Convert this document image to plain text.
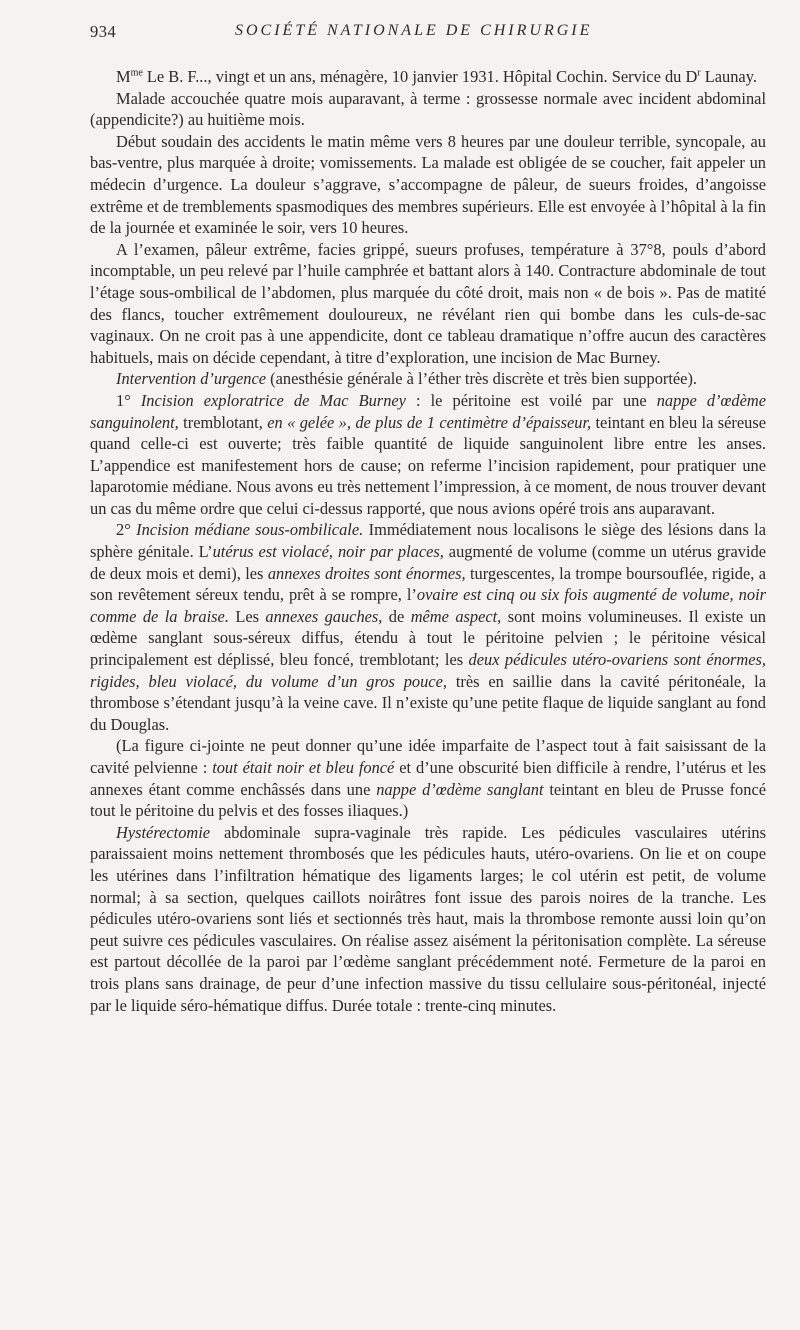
934	SOCIÉTÉ NATIONALE DE CHIRURGIE

$M^{me}$ Le B. F..., vingt et un ans, ménagère, 10 janvier 1931. Hôpital Cochin. Service du $D^r$ Launay.

Malade accouchée quatre mois auparavant, à terme : grossesse normale avec incident abdominal (appendicite?) au huitième mois.

Début soudain des accidents le matin même vers 8 heures par une douleur terrible, syncopale, au bas-ventre, plus marquée à droite; vomissements. La malade est obligée de se coucher, fait appeler un médecin d’urgence. La douleur s’aggrave, s’accompagne de pâleur, de sueurs froides, d’angoisse extrême et de tremblements spasmodiques des membres supérieurs. Elle est envoyée à l’hôpital à la fin de la journée et examinée le soir, vers 10 heures.

A l’examen, pâleur extrême, facies grippé, sueurs profuses, température à 37°8, pouls d’abord incomptable, un peu relevé par l’huile camphrée et battant alors à 140. Contracture abdominale de tout l’étage sous-ombilical de l’abdomen, plus marquée du côté droit, mais non « de bois ». Pas de matité des flancs, toucher extrêmement douloureux, ne révélant rien qui bombe dans les culs-de-sac vaginaux. On ne croit pas à une appendicite, dont ce tableau dramatique n’offre aucun des caractères habituels, mais on décide cependant, à titre d’exploration, une incision de Mac Burney.

Intervention d’urgence (anesthésie générale à l’éther très discrète et très bien supportée).

1° Incision exploratrice de Mac Burney : le péritoine est voilé par une nappe d’œdème sanguinolent, tremblotant, en « gelée », de plus de 1 centimètre d’épaisseur, teintant en bleu la séreuse quand celle-ci est ouverte; très faible quantité de liquide sanguinolent libre entre les anses. L’appendice est manifestement hors de cause; on referme l’incision rapidement, pour pratiquer une laparotomie médiane. Nous avons eu très nettement l’impression, à ce moment, de nous trouver devant un cas du même ordre que celui ci-dessus rapporté, que nous avions opéré trois ans auparavant.

2° Incision médiane sous-ombilicale. Immédiatement nous localisons le siège des lésions dans la sphère génitale. L’utérus est violacé, noir par places, augmenté de volume (comme un utérus gravide de deux mois et demi), les annexes droites sont énormes, turgescentes, la trompe boursouflée, rigide, a son revêtement séreux tendu, prêt à se rompre, l’ovaire est cinq ou six fois augmenté de volume, noir comme de la braise. Les annexes gauches, de même aspect, sont moins volumineuses. Il existe un œdème sanglant sous-séreux diffus, étendu à tout le péritoine pelvien ; le péritoine vésical principalement est déplissé, bleu foncé, tremblotant; les deux pédicules utéro-ovariens sont énormes, rigides, bleu violacé, du volume d’un gros pouce, très en saillie dans la cavité péritonéale, la thrombose s’étendant jusqu’à la veine cave. Il n’existe qu’une petite flaque de liquide sanglant au fond du Douglas.

(La figure ci-jointe ne peut donner qu’une idée imparfaite de l’aspect tout à fait saisissant de la cavité pelvienne : tout était noir et bleu foncé et d’une obscurité bien difficile à rendre, l’utérus et les annexes étant comme enchâssés dans une nappe d’œdème sanglant teintant en bleu de Prusse foncé tout le péritoine du pelvis et des fosses iliaques.)

Hystérectomie abdominale supra-vaginale très rapide. Les pédicules vasculaires utérins paraissaient moins nettement thrombosés que les pédicules hauts, utéro-ovariens. On lie et on coupe les utérines dans l’infiltration hématique des ligaments larges; le col utérin est petit, de volume normal; à sa section, quelques caillots noirâtres font issue des parois noires de la tranche. Les pédicules utéro-ovariens sont liés et sectionnés très haut, mais la thrombose remonte aussi loin qu’on peut suivre ces pédicules vasculaires. On réalise assez aisément la péritonisation complète. La séreuse est partout décollée de la paroi par l’œdème sanglant précédemment noté. Fermeture de la paroi en trois plans sans drainage, de peur d’une infection massive du tissu cellulaire sous-péritonéal, injecté par le liquide séro-hématique diffus. Durée totale : trente-cinq minutes.
